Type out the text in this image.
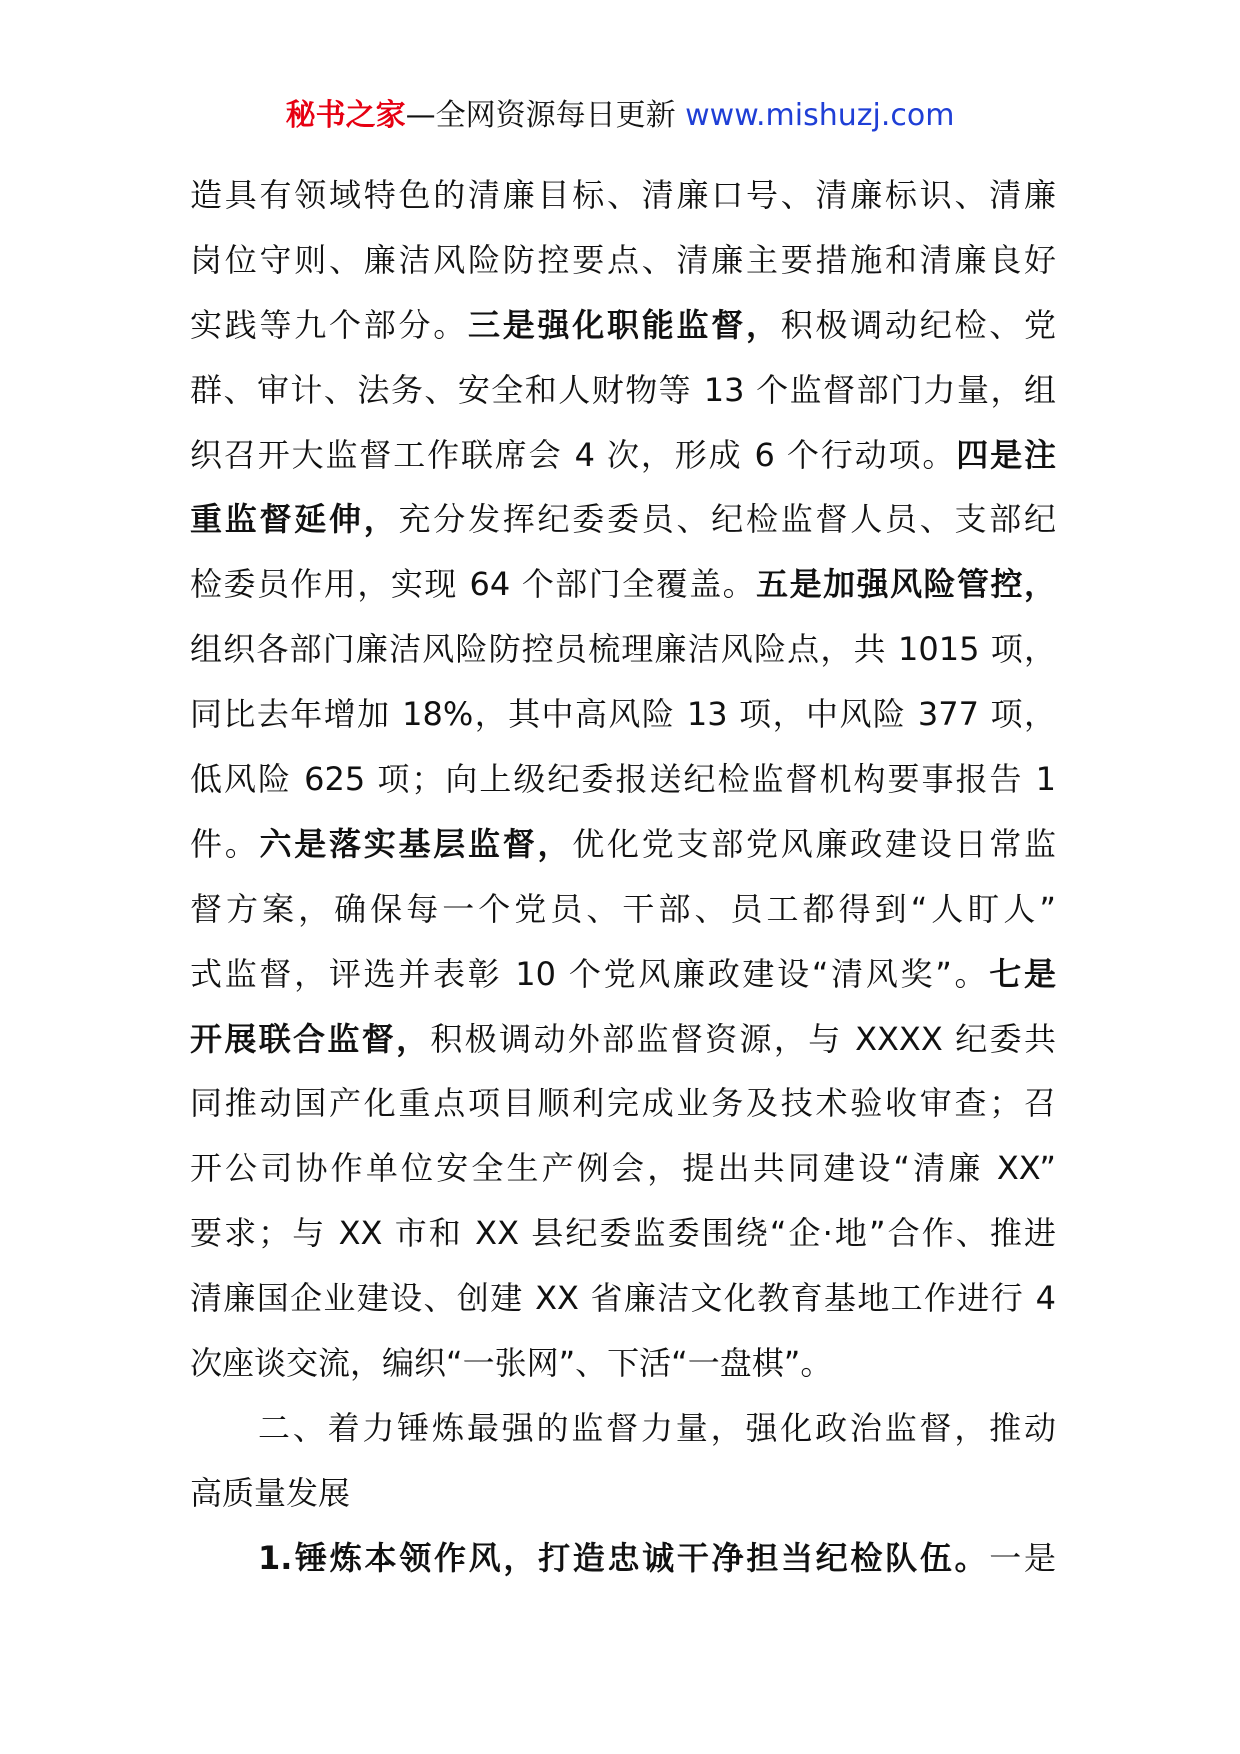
秘书之家—全网资源每日更新 www.mishuzj.com
造具有领域特色的清廉目标、清廉口号、清廉标识、清廉
岗位守则、廉洁风险防控要点、清廉主要措施和清廉良好
实践等九个部分。三是强化职能监督，积极调动纪检、党
群、审计、法务、安全和人财物等 13 个监督部门力量，组
织召开大监督工作联席会 4 次，形成 6 个行动项。四是注
重监督延伸，充分发挥纪委委员、纪检监督人员、支部纪
检委员作用，实现 64 个部门全覆盖。五是加强风险管控，
组织各部门廉洁风险防控员梳理廉洁风险点，共 1015 项，
同比去年增加 18%，其中高风险 13 项，中风险 377 项，
低风险 625 项；向上级纪委报送纪检监督机构要事报告 1
件。六是落实基层监督，优化党支部党风廉政建设日常监
督方案，确保每一个党员、干部、员工都得到“人盯人”
式监督，评选并表彰 10 个党风廉政建设“清风奖”。七是
开展联合监督，积极调动外部监督资源，与 XXXX 纪委共
同推动国产化重点项目顺利完成业务及技术验收审查；召
开公司协作单位安全生产例会，提出共同建设“清廉 XX”
要求；与 XX 市和 XX 县纪委监委围绕“企·地”合作、推进
清廉国企业建设、创建 XX 省廉洁文化教育基地工作进行 4
次座谈交流，编织“一张网”、下活“一盘棋”。
二、着力锤炼最强的监督力量，强化政治监督，推动
高质量发展
1.锤炼本领作风，打造忠诚干净担当纪检队伍。一是
